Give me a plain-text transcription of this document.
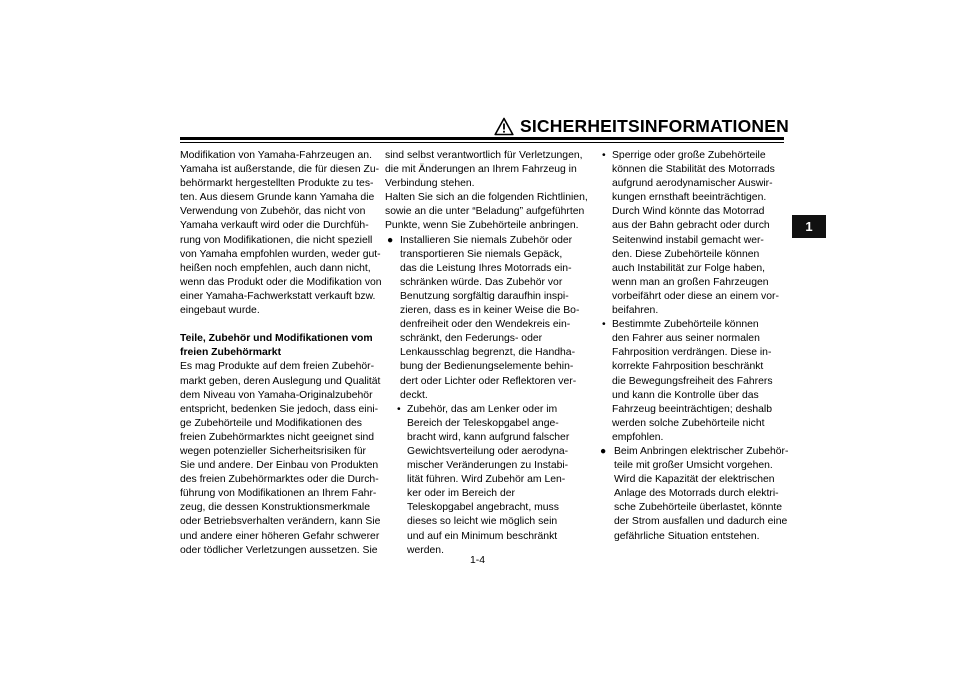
SICHERHEITSINFORMATIONEN
1
Modifikation von Yamaha-Fahrzeugen an.
Yamaha ist außerstande, die für diesen Zu-
behörmarkt hergestellten Produkte zu tes-
ten. Aus diesem Grunde kann Yamaha die
Verwendung von Zubehör, das nicht von
Yamaha verkauft wird oder die Durchfüh-
rung von Modifikationen, die nicht speziell
von Yamaha empfohlen wurden, weder gut-
heißen noch empfehlen, auch dann nicht,
wenn das Produkt oder die Modifikation von
einer Yamaha-Fachwerkstatt verkauft bzw.
eingebaut wurde.
Teile, Zubehör und Modifikationen vom
freien Zubehörmarkt
Es mag Produkte auf dem freien Zubehör-
markt geben, deren Auslegung und Qualität
dem Niveau von Yamaha-Originalzubehör
entspricht, bedenken Sie jedoch, dass eini-
ge Zubehörteile und Modifikationen des
freien Zubehörmarktes nicht geeignet sind
wegen potenzieller Sicherheitsrisiken für
Sie und andere. Der Einbau von Produkten
des freien Zubehörmarktes oder die Durch-
führung von Modifikationen an Ihrem Fahr-
zeug, die dessen Konstruktionsmerkmale
oder Betriebsverhalten verändern, kann Sie
und andere einer höheren Gefahr schwerer
oder tödlicher Verletzungen aussetzen. Sie
sind selbst verantwortlich für Verletzungen,
die mit Änderungen an Ihrem Fahrzeug in
Verbindung stehen.
Halten Sie sich an die folgenden Richtlinien,
sowie an die unter “Beladung” aufgeführten
Punkte, wenn Sie Zubehörteile anbringen.
● Installieren Sie niemals Zubehör oder
transportieren Sie niemals Gepäck,
das die Leistung Ihres Motorrads ein-
schränken würde. Das Zubehör vor
Benutzung sorgfältig daraufhin inspi-
zieren, dass es in keiner Weise die Bo-
denfreiheit oder den Wendekreis ein-
schränkt, den Federungs- oder
Lenkausschlag begrenzt, die Handha-
bung der Bedienungselemente behin-
dert oder Lichter oder Reflektoren ver-
deckt.
• Zubehör, das am Lenker oder im
Bereich der Teleskopgabel ange-
bracht wird, kann aufgrund falscher
Gewichtsverteilung oder aerodyna-
mischer Veränderungen zu Instabi-
lität führen. Wird Zubehör am Len-
ker oder im Bereich der
Teleskopgabel angebracht, muss
dieses so leicht wie möglich sein
und auf ein Minimum beschränkt
werden.
• Sperrige oder große Zubehörteile
können die Stabilität des Motorrads
aufgrund aerodynamischer Auswir-
kungen ernsthaft beeinträchtigen.
Durch Wind könnte das Motorrad
aus der Bahn gebracht oder durch
Seitenwind instabil gemacht wer-
den. Diese Zubehörteile können
auch Instabilität zur Folge haben,
wenn man an großen Fahrzeugen
vorbeifährt oder diese an einem vor-
beifahren.
• Bestimmte Zubehörteile können
den Fahrer aus seiner normalen
Fahrposition verdrängen. Diese in-
korrekte Fahrposition beschränkt
die Bewegungsfreiheit des Fahrers
und kann die Kontrolle über das
Fahrzeug beeinträchtigen; deshalb
werden solche Zubehörteile nicht
empfohlen.
● Beim Anbringen elektrischer Zubehör-
teile mit großer Umsicht vorgehen.
Wird die Kapazität der elektrischen
Anlage des Motorrads durch elektri-
sche Zubehörteile überlastet, könnte
der Strom ausfallen und dadurch eine
gefährliche Situation entstehen.
1-4
